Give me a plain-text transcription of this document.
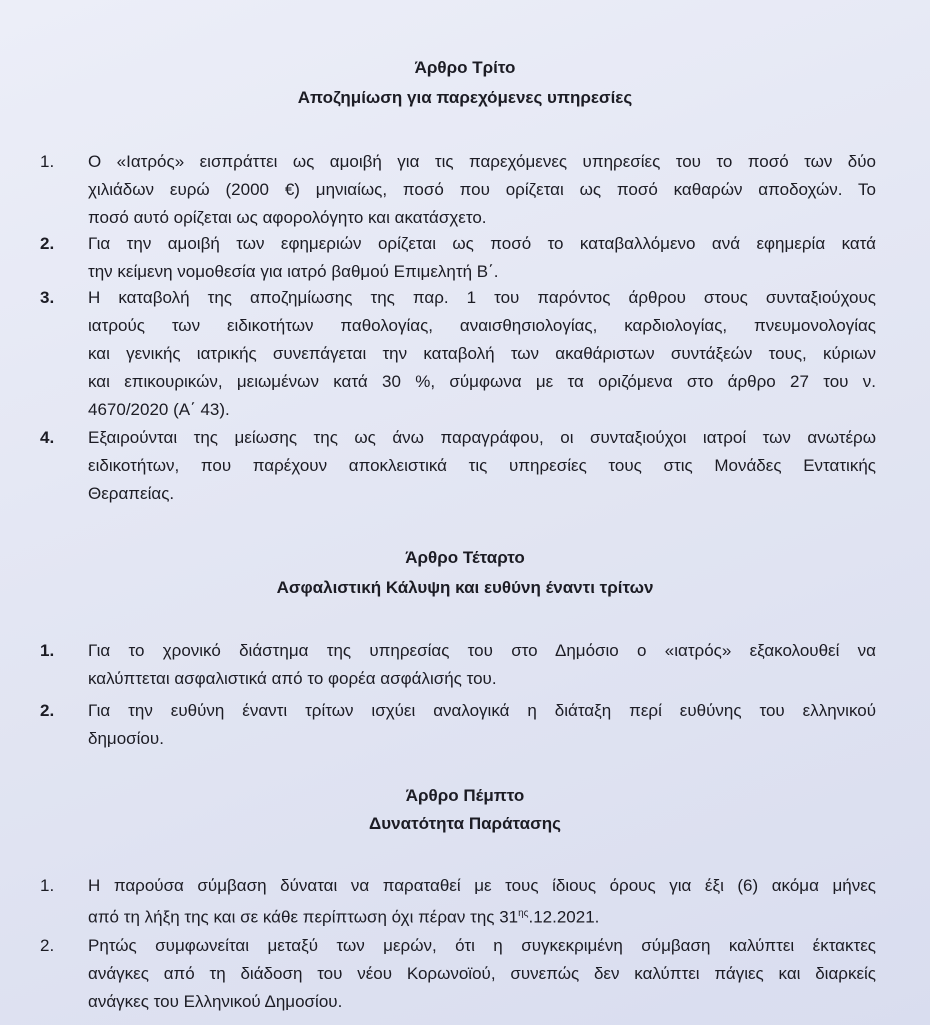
Άρθρο Τρίτο
Αποζημίωση για παρεχόμενες υπηρεσίες
1. Ο «Ιατρός» εισπράττει ως αμοιβή για τις παρεχόμενες υπηρεσίες του το ποσό των δύο
χιλιάδων ευρώ (2000 €) μηνιαίως, ποσό που ορίζεται ως ποσό καθαρών αποδοχών. Το
ποσό αυτό ορίζεται ως αφορολόγητο και ακατάσχετο.
2. Για την αμοιβή των εφημεριών ορίζεται ως ποσό το καταβαλλόμενο ανά εφημερία κατά
την κείμενη νομοθεσία για ιατρό βαθμού Επιμελητή Β΄.
3. Η καταβολή της αποζημίωσης της παρ. 1 του παρόντος άρθρου στους συνταξιούχους
ιατρούς των ειδικοτήτων παθολογίας, αναισθησιολογίας, καρδιολογίας, πνευμονολογίας
και γενικής ιατρικής συνεπάγεται την καταβολή των ακαθάριστων συντάξεών τους, κύριων
και επικουρικών, μειωμένων κατά 30 %, σύμφωνα με τα οριζόμενα στο άρθρο 27 του ν.
4670/2020 (Α΄ 43).
4. Εξαιρούνται της μείωσης της ως άνω παραγράφου, οι συνταξιούχοι ιατροί των ανωτέρω
ειδικοτήτων, που παρέχουν αποκλειστικά τις υπηρεσίες τους στις Μονάδες Εντατικής
Θεραπείας.
Άρθρο Τέταρτο
Ασφαλιστική Κάλυψη και ευθύνη έναντι τρίτων
1. Για το χρονικό διάστημα της υπηρεσίας του στο Δημόσιο ο «ιατρός» εξακολουθεί να
καλύπτεται ασφαλιστικά από το φορέα ασφάλισής του.
2. Για την ευθύνη έναντι τρίτων ισχύει αναλογικά η διάταξη περί ευθύνης του ελληνικού
δημοσίου.
Άρθρο Πέμπτο
Δυνατότητα Παράτασης
1. Η παρούσα σύμβαση δύναται να παραταθεί με τους ίδιους όρους για έξι (6) ακόμα μήνες
από τη λήξη της και σε κάθε περίπτωση όχι πέραν της $31^{\eta\varsigma}.12.2021$.
2. Ρητώς συμφωνείται μεταξύ των μερών, ότι η συγκεκριμένη σύμβαση καλύπτει έκτακτες
ανάγκες από τη διάδοση του νέου Κορωνοϊού, συνεπώς δεν καλύπτει πάγιες και διαρκείς
ανάγκες του Ελληνικού Δημοσίου.
